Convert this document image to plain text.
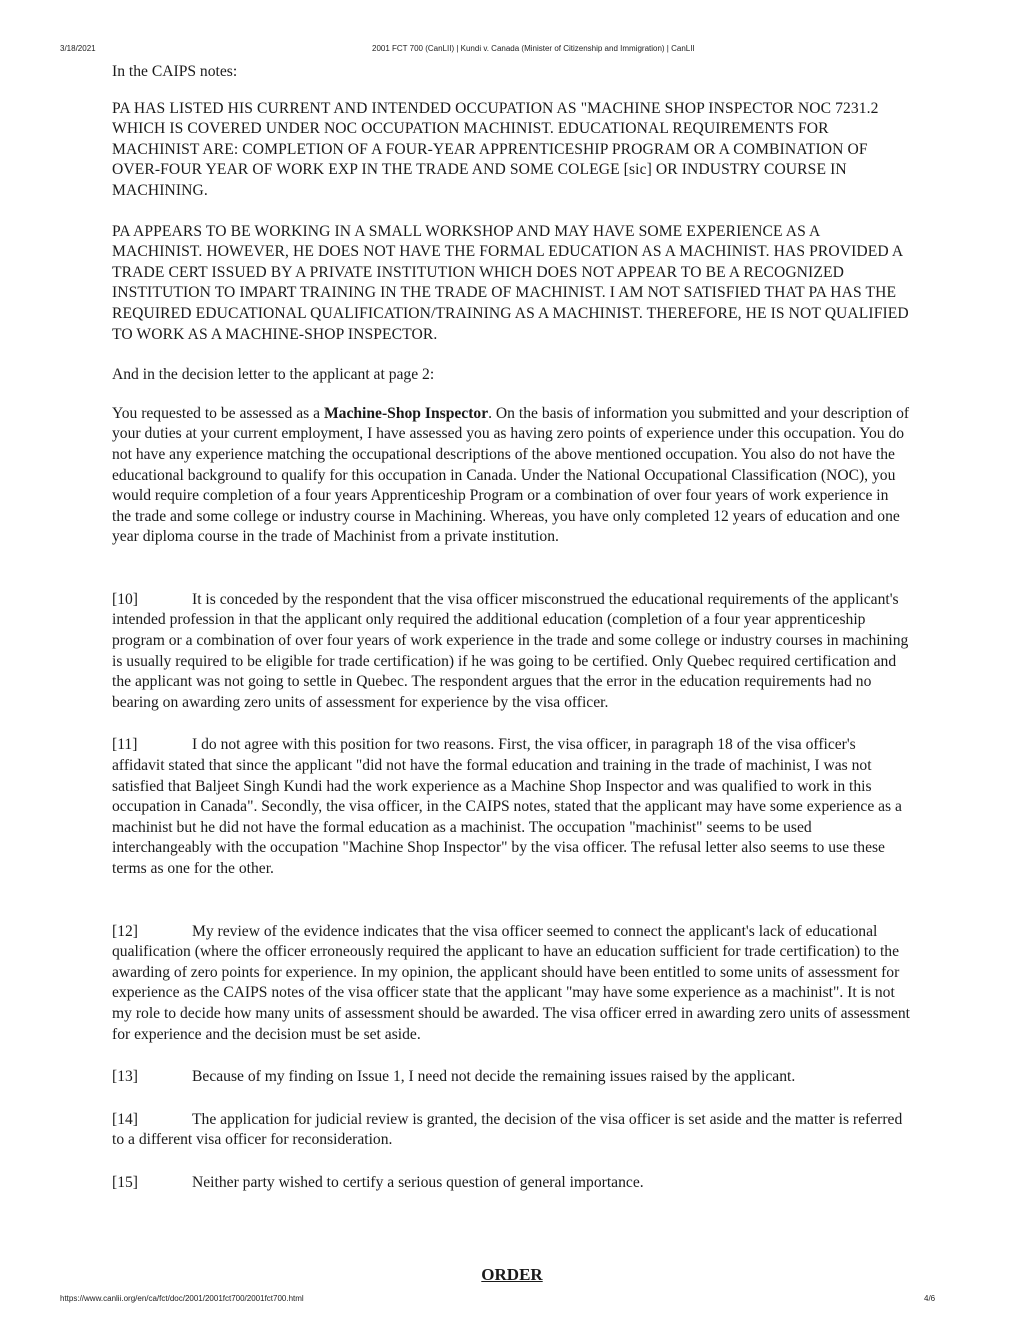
3/18/2021	2001 FCT 700 (CanLII) | Kundi v. Canada (Minister of Citizenship and Immigration) | CanLII

In the CAIPS notes:

PA HAS LISTED HIS CURRENT AND INTENDED OCCUPATION AS "MACHINE SHOP INSPECTOR NOC 7231.2 WHICH IS COVERED UNDER NOC OCCUPATION MACHINIST. EDUCATIONAL REQUIREMENTS FOR MACHINIST ARE: COMPLETION OF A FOUR-YEAR APPRENTICESHIP PROGRAM OR A COMBINATION OF OVER-FOUR YEAR OF WORK EXP IN THE TRADE AND SOME COLEGE [sic] OR INDUSTRY COURSE IN MACHINING.

PA APPEARS TO BE WORKING IN A SMALL WORKSHOP AND MAY HAVE SOME EXPERIENCE AS A MACHINIST. HOWEVER, HE DOES NOT HAVE THE FORMAL EDUCATION AS A MACHINIST. HAS PROVIDED A TRADE CERT ISSUED BY A PRIVATE INSTITUTION WHICH DOES NOT APPEAR TO BE A RECOGNIZED INSTITUTION TO IMPART TRAINING IN THE TRADE OF MACHINIST. I AM NOT SATISFIED THAT PA HAS THE REQUIRED EDUCATIONAL QUALIFICATION/TRAINING AS A MACHINIST. THEREFORE, HE IS NOT QUALIFIED TO WORK AS A MACHINE-SHOP INSPECTOR.

And in the decision letter to the applicant at page 2:

You requested to be assessed as a Machine-Shop Inspector. On the basis of information you submitted and your description of your duties at your current employment, I have assessed you as having zero points of experience under this occupation. You do not have any experience matching the occupational descriptions of the above mentioned occupation. You also do not have the educational background to qualify for this occupation in Canada. Under the National Occupational Classification (NOC), you would require completion of a four years Apprenticeship Program or a combination of over four years of work experience in the trade and some college or industry course in Machining. Whereas, you have only completed 12 years of education and one year diploma course in the trade of Machinist from a private institution.

[10]	It is conceded by the respondent that the visa officer misconstrued the educational requirements of the applicant's intended profession in that the applicant only required the additional education (completion of a four year apprenticeship program or a combination of over four years of work experience in the trade and some college or industry courses in machining is usually required to be eligible for trade certification) if he was going to be certified. Only Quebec required certification and the applicant was not going to settle in Quebec. The respondent argues that the error in the education requirements had no bearing on awarding zero units of assessment for experience by the visa officer.

[11]	I do not agree with this position for two reasons. First, the visa officer, in paragraph 18 of the visa officer's affidavit stated that since the applicant "did not have the formal education and training in the trade of machinist, I was not satisfied that Baljeet Singh Kundi had the work experience as a Machine Shop Inspector and was qualified to work in this occupation in Canada". Secondly, the visa officer, in the CAIPS notes, stated that the applicant may have some experience as a machinist but he did not have the formal education as a machinist. The occupation "machinist" seems to be used interchangeably with the occupation "Machine Shop Inspector" by the visa officer. The refusal letter also seems to use these terms as one for the other.

[12]	My review of the evidence indicates that the visa officer seemed to connect the applicant's lack of educational qualification (where the officer erroneously required the applicant to have an education sufficient for trade certification) to the awarding of zero points for experience. In my opinion, the applicant should have been entitled to some units of assessment for experience as the CAIPS notes of the visa officer state that the applicant "may have some experience as a machinist". It is not my role to decide how many units of assessment should be awarded. The visa officer erred in awarding zero units of assessment for experience and the decision must be set aside.

[13]	Because of my finding on Issue 1, I need not decide the remaining issues raised by the applicant.

[14]	The application for judicial review is granted, the decision of the visa officer is set aside and the matter is referred to a different visa officer for reconsideration.

[15]	Neither party wished to certify a serious question of general importance.

ORDER
https://www.canlii.org/en/ca/fct/doc/2001/2001fct700/2001fct700.html	4/6
